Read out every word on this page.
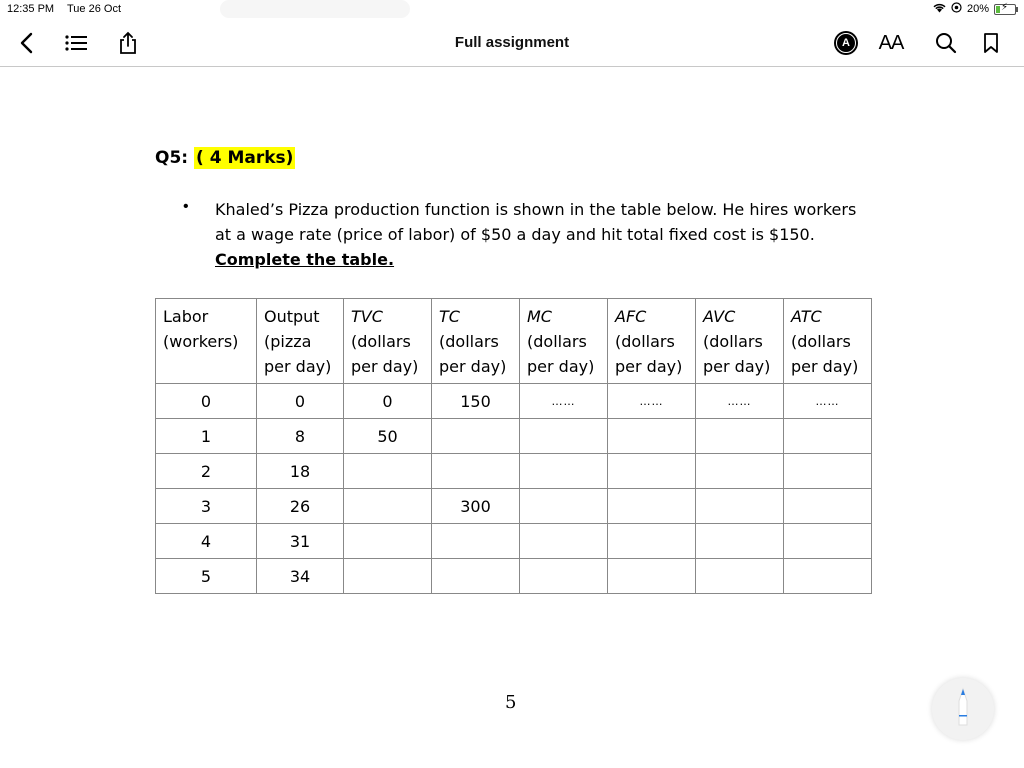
12:35 PM Tue 26 Oct	20% ⚡
Full assignment	A	AA
Q5: ( 4 Marks)
• Khaled’s Pizza production function is shown in the table below. He hires workers at a wage rate (price of labor) of $50 a day and hit total fixed cost is $150.
Complete the table.
Labor
(workers)	Output
(pizza
per day)	TVC
(dollars
per day)	TC
(dollars
per day)	MC
(dollars
per day)	AFC
(dollars
per day)	AVC
(dollars
per day)	ATC
(dollars
per day)
0	0	0	150	……	……	……	……
1	8	50					
2	18						
3	26		300				
4	31						
5	34						
5
